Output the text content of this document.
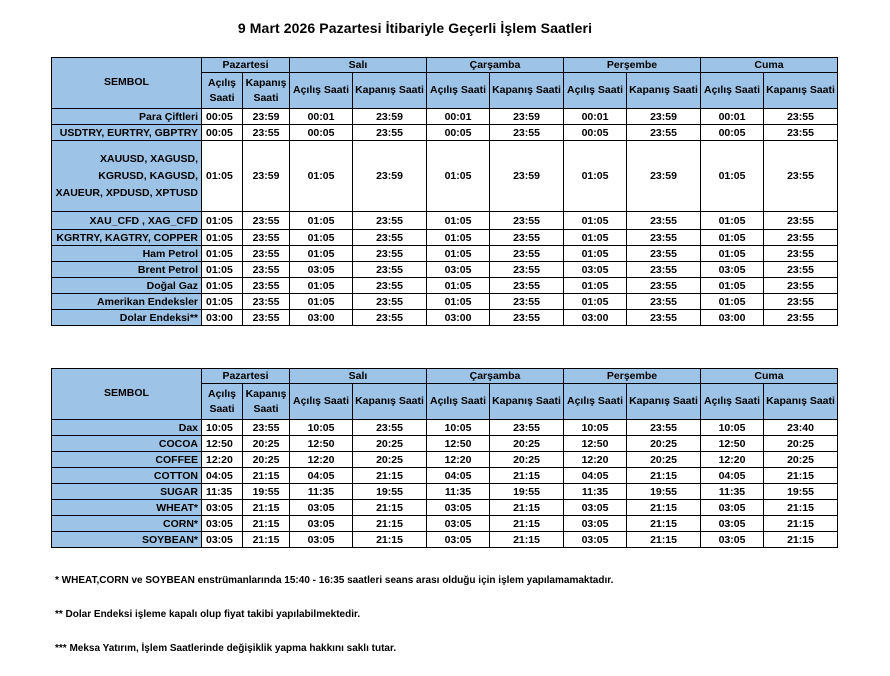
9 Mart 2026 Pazartesi İtibariyle Geçerli İşlem Saatleri
SEMBOL	Pazartesi		Salı		Çarşamba		Perşembe		Cuma	
	Açılış Saati	Kapanış Saati	Açılış Saati	Kapanış Saati	Açılış Saati	Kapanış Saati	Açılış Saati	Kapanış Saati	Açılış Saati	Kapanış Saati
Para Çiftleri	00:05	23:59	00:01	23:59	00:01	23:59	00:01	23:59	00:01	23:55
USDTRY, EURTRY, GBPTRY	00:05	23:55	00:05	23:55	00:05	23:55	00:05	23:55	00:05	23:55
XAUUSD, XAGUSD, KGRUSD, KAGUSD, XAUEUR, XPDUSD, XPTUSD	01:05	23:59	01:05	23:59	01:05	23:59	01:05	23:59	01:05	23:55
XAU_CFD , XAG_CFD	01:05	23:55	01:05	23:55	01:05	23:55	01:05	23:55	01:05	23:55
KGRTRY, KAGTRY, COPPER	01:05	23:55	01:05	23:55	01:05	23:55	01:05	23:55	01:05	23:55
Ham Petrol	01:05	23:55	01:05	23:55	01:05	23:55	01:05	23:55	01:05	23:55
Brent Petrol	01:05	23:55	03:05	23:55	03:05	23:55	03:05	23:55	03:05	23:55
Doğal Gaz	01:05	23:55	01:05	23:55	01:05	23:55	01:05	23:55	01:05	23:55
Amerikan Endeksler	01:05	23:55	01:05	23:55	01:05	23:55	01:05	23:55	01:05	23:55
Dolar Endeksi**	03:00	23:55	03:00	23:55	03:00	23:55	03:00	23:55	03:00	23:55
SEMBOL	Pazartesi		Salı		Çarşamba		Perşembe		Cuma	
	Açılış Saati	Kapanış Saati	Açılış Saati	Kapanış Saati	Açılış Saati	Kapanış Saati	Açılış Saati	Kapanış Saati	Açılış Saati	Kapanış Saati
Dax	10:05	23:55	10:05	23:55	10:05	23:55	10:05	23:55	10:05	23:40
COCOA	12:50	20:25	12:50	20:25	12:50	20:25	12:50	20:25	12:50	20:25
COFFEE	12:20	20:25	12:20	20:25	12:20	20:25	12:20	20:25	12:20	20:25
COTTON	04:05	21:15	04:05	21:15	04:05	21:15	04:05	21:15	04:05	21:15
SUGAR	11:35	19:55	11:35	19:55	11:35	19:55	11:35	19:55	11:35	19:55
WHEAT*	03:05	21:15	03:05	21:15	03:05	21:15	03:05	21:15	03:05	21:15
CORN*	03:05	21:15	03:05	21:15	03:05	21:15	03:05	21:15	03:05	21:15
SOYBEAN*	03:05	21:15	03:05	21:15	03:05	21:15	03:05	21:15	03:05	21:15
* WHEAT,CORN ve SOYBEAN enstrümanlarında 15:40 - 16:35 saatleri seans arası olduğu için işlem yapılamamaktadır.
** Dolar Endeksi işleme kapalı olup fiyat takibi yapılabilmektedir.
*** Meksa Yatırım, İşlem Saatlerinde değişiklik yapma hakkını saklı tutar.
